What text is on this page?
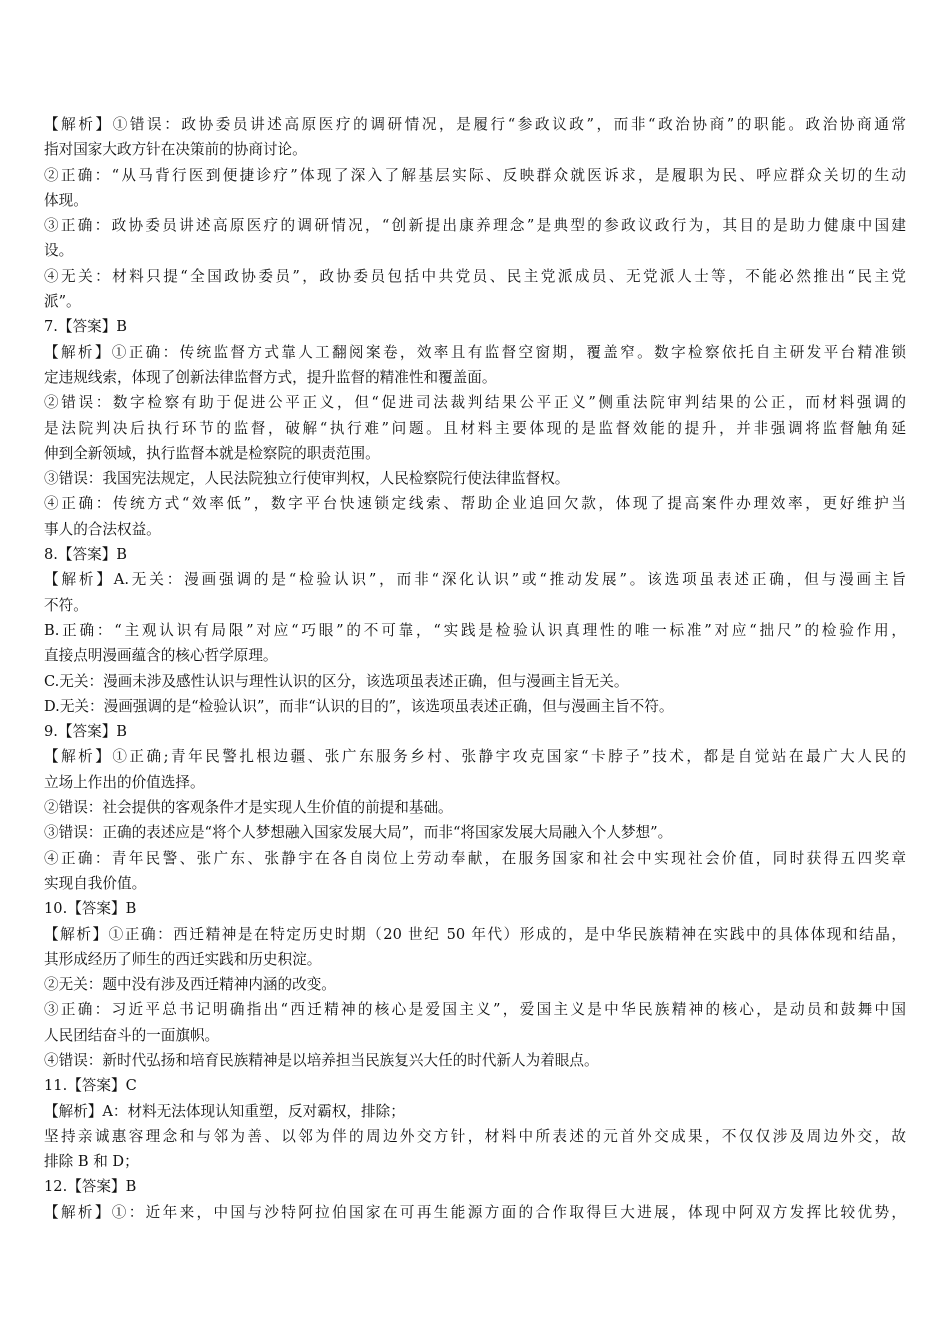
【解析】①错误：政协委员讲述高原医疗的调研情况，是履行“参政议政”，而非“政治协商”的职能。政治协商通常
指对国家大政方针在决策前的协商讨论。
②正确：“从马背行医到便捷诊疗”体现了深入了解基层实际、反映群众就医诉求，是履职为民、呼应群众关切的生动
体现。
③正确：政协委员讲述高原医疗的调研情况，“创新提出康养理念”是典型的参政议政行为，其目的是助力健康中国建
设。
④无关：材料只提“全国政协委员”，政协委员包括中共党员、民主党派成员、无党派人士等，不能必然推出“民主党
派”。
7.【答案】B
【解析】①正确：传统监督方式靠人工翻阅案卷，效率且有监督空窗期，覆盖窄。数字检察依托自主研发平台精准锁
定违规线索，体现了创新法律监督方式，提升监督的精准性和覆盖面。
②错误：数字检察有助于促进公平正义，但“促进司法裁判结果公平正义”侧重法院审判结果的公正，而材料强调的
是法院判决后执行环节的监督，破解“执行难”问题。且材料主要体现的是监督效能的提升，并非强调将监督触角延
伸到全新领域，执行监督本就是检察院的职责范围。
③错误：我国宪法规定，人民法院独立行使审判权，人民检察院行使法律监督权。
④正确：传统方式“效率低”，数字平台快速锁定线索、帮助企业追回欠款，体现了提高案件办理效率，更好维护当
事人的合法权益。
8.【答案】B
【解析】A.无关：漫画强调的是“检验认识”，而非“深化认识”或“推动发展”。该选项虽表述正确，但与漫画主旨
不符。
B.正确：“主观认识有局限”对应“巧眼”的不可靠，“实践是检验认识真理性的唯一标准”对应“拙尺”的检验作用，
直接点明漫画蕴含的核心哲学原理。
C.无关：漫画未涉及感性认识与理性认识的区分，该选项虽表述正确，但与漫画主旨无关。
D.无关：漫画强调的是“检验认识”，而非“认识的目的”，该选项虽表述正确，但与漫画主旨不符。
9.【答案】B
【解析】①正确;青年民警扎根边疆、张广东服务乡村、张静宇攻克国家“卡脖子”技术，都是自觉站在最广大人民的
立场上作出的价值选择。
②错误：社会提供的客观条件才是实现人生价值的前提和基础。
③错误：正确的表述应是“将个人梦想融入国家发展大局”，而非“将国家发展大局融入个人梦想”。
④正确：青年民警、张广东、张静宇在各自岗位上劳动奉献，在服务国家和社会中实现社会价值，同时获得五四奖章
实现自我价值。
10.【答案】B
【解析】①正确：西迁精神是在特定历史时期（20 世纪 50 年代）形成的，是中华民族精神在实践中的具体体现和结晶，
其形成经历了师生的西迁实践和历史积淀。
②无关：题中没有涉及西迁精神内涵的改变。
③正确：习近平总书记明确指出“西迁精神的核心是爱国主义”，爱国主义是中华民族精神的核心，是动员和鼓舞中国
人民团结奋斗的一面旗帜。
④错误：新时代弘扬和培育民族精神是以培养担当民族复兴大任的时代新人为着眼点。
11.【答案】C
【解析】A：材料无法体现认知重塑，反对霸权，排除；
坚持亲诚惠容理念和与邻为善、以邻为伴的周边外交方针，材料中所表述的元首外交成果，不仅仅涉及周边外交，故
排除 B 和 D；
12.【答案】B
【解析】①：近年来，中国与沙特阿拉伯国家在可再生能源方面的合作取得巨大进展，体现中阿双方发挥比较优势，
